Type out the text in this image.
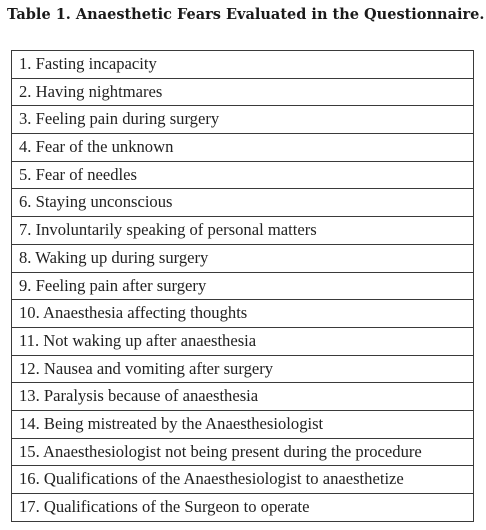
Table 1. Anaesthetic Fears Evaluated in the Questionnaire.
1. Fasting incapacity
2. Having nightmares
3. Feeling pain during surgery
4. Fear of the unknown
5. Fear of needles
6. Staying unconscious
7. Involuntarily speaking of personal matters
8. Waking up during surgery
9. Feeling pain after surgery
10. Anaesthesia affecting thoughts
11. Not waking up after anaesthesia
12. Nausea and vomiting after surgery
13. Paralysis because of anaesthesia
14. Being mistreated by the Anaesthesiologist
15. Anaesthesiologist not being present during the procedure
16. Qualifications of the Anaesthesiologist to anaesthetize
17. Qualifications of the Surgeon to operate
